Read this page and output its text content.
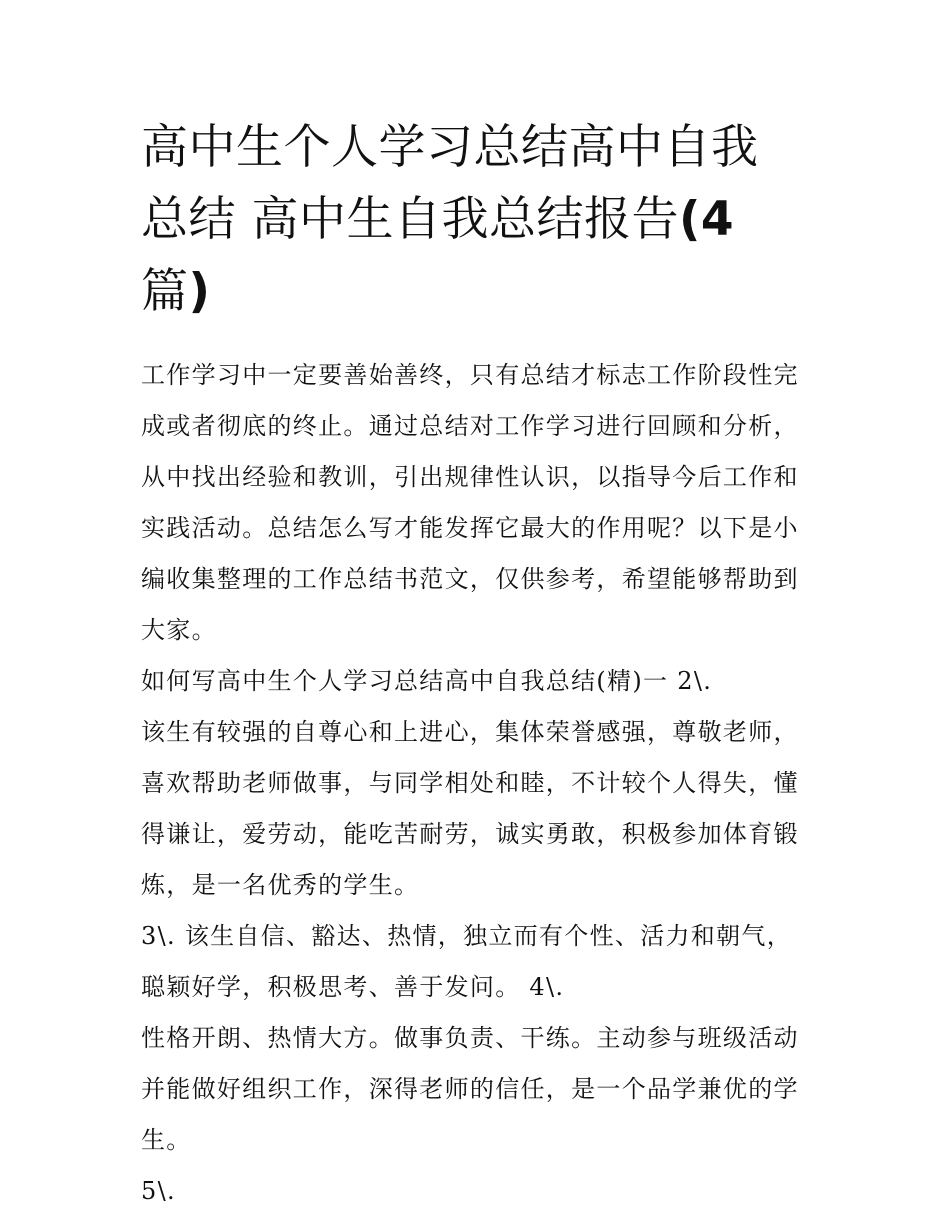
高中生个人学习总结高中自我
总结 高中生自我总结报告(4
篇)

工作学习中一定要善始善终，只有总结才标志工作阶段性完成或者彻底的终止。通过总结对工作学习进行回顾和分析，从中找出经验和教训，引出规律性认识，以指导今后工作和实践活动。总结怎么写才能发挥它最大的作用呢？以下是小编收集整理的工作总结书范文，仅供参考，希望能够帮助到大家。

如何写高中生个人学习总结高中自我总结(精)一 2\.

该生有较强的自尊心和上进心，集体荣誉感强，尊敬老师，喜欢帮助老师做事，与同学相处和睦，不计较个人得失，懂得谦让，爱劳动，能吃苦耐劳，诚实勇敢，积极参加体育锻炼，是一名优秀的学生。

3\. 该生自信、豁达、热情，独立而有个性、活力和朝气，聪颖好学，积极思考、善于发问。 4\.

性格开朗、热情大方。做事负责、干练。主动参与班级活动并能做好组织工作，深得老师的信任，是一个品学兼优的学生。

5\.
